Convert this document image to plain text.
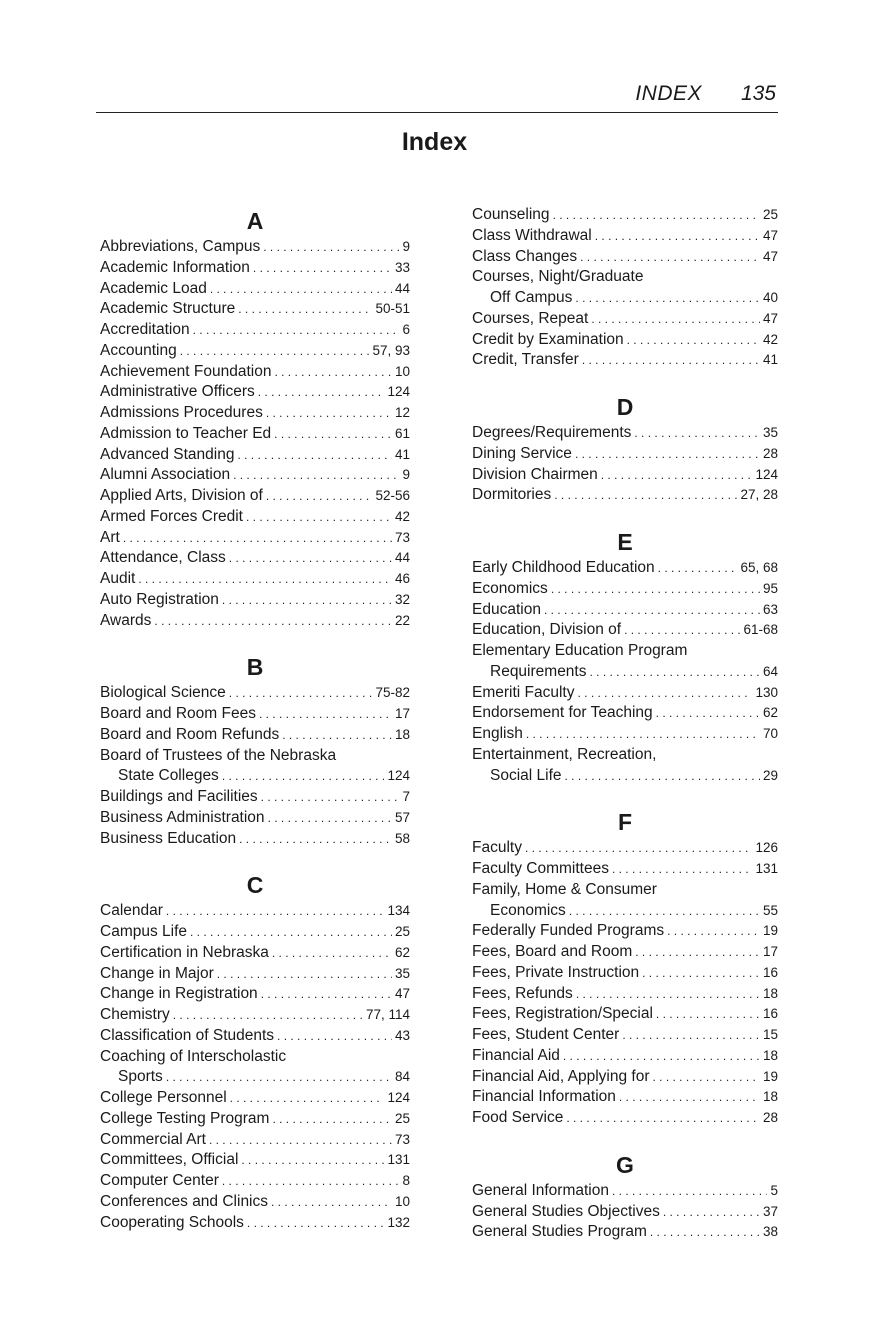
INDEX 135
Index
A
Abbreviations, Campus . . .	9
Academic Information . . .	33
Academic Load . . .	44
Academic Structure . . .	50-51
Accreditation . . .	6
Accounting . . .	57, 93
Achievement Foundation . . .	10
Administrative Officers . . .	124
Admissions Procedures . . .	12
Admission to Teacher Ed . . .	61
Advanced Standing . . .	41
Alumni Association . . .	9
Applied Arts, Division of . . .	52-56
Armed Forces Credit . . .	42
Art . . .	73
Attendance, Class . . .	44
Audit . . .	46
Auto Registration . . .	32
Awards . . .	22
B
Biological Science . . .	75-82
Board and Room Fees . . .	17
Board and Room Refunds . . .	18
Board of Trustees of the Nebraska
State Colleges . . .	124
Buildings and Facilities . . .	7
Business Administration . . .	57
Business Education . . .	58
C
Calendar . . .	134
Campus Life . . .	25
Certification in Nebraska . . .	62
Change in Major . . .	35
Change in Registration . . .	47
Chemistry . . .	77, 114
Classification of Students . . .	43
Coaching of Interscholastic
Sports . . .	84
College Personnel . . .	124
College Testing Program . . .	25
Commercial Art . . .	73
Committees, Official . . .	131
Computer Center . . .	8
Conferences and Clinics . . .	10
Cooperating Schools . . .	132
Counseling . . .	25
Class Withdrawal . . .	47
Class Changes . . .	47
Courses, Night/Graduate
Off Campus . . .	40
Courses, Repeat . . .	47
Credit by Examination . . .	42
Credit, Transfer . . .	41
D
Degrees/Requirements . . .	35
Dining Service . . .	28
Division Chairmen . . .	124
Dormitories . . .	27, 28
E
Early Childhood Education . . .	65, 68
Economics . . .	95
Education . . .	63
Education, Division of . . .	61-68
Elementary Education Program
Requirements . . .	64
Emeriti Faculty . . .	130
Endorsement for Teaching . . .	62
English . . .	70
Entertainment, Recreation,
Social Life . . .	29
F
Faculty . . .	126
Faculty Committees . . .	131
Family, Home & Consumer
Economics . . .	55
Federally Funded Programs . . .	19
Fees, Board and Room . . .	17
Fees, Private Instruction . . .	16
Fees, Refunds . . .	18
Fees, Registration/Special . . .	16
Fees, Student Center . . .	15
Financial Aid . . .	18
Financial Aid, Applying for . . .	19
Financial Information . . .	18
Food Service . . .	28
G
General Information . . .	5
General Studies Objectives . . .	37
General Studies Program . . .	38
